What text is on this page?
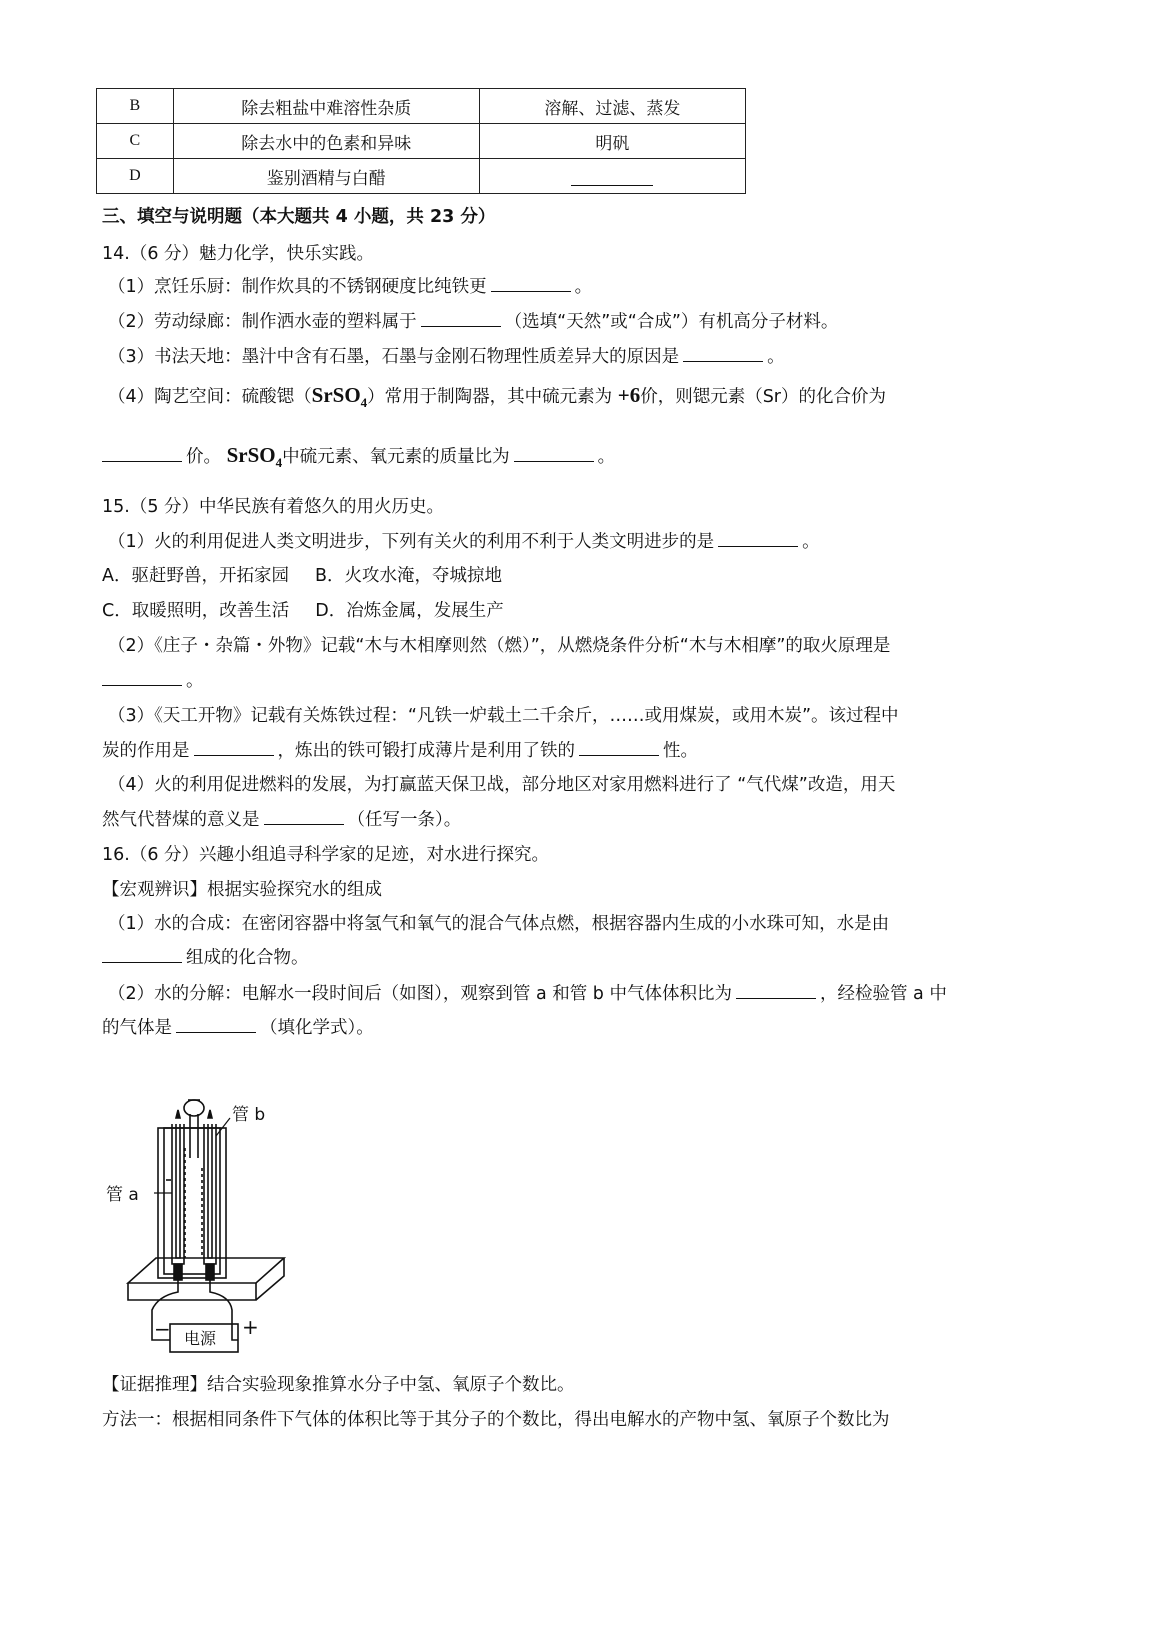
B	除去粗盐中难溶性杂质	溶解、过滤、蒸发
C	除去水中的色素和异味	明矾
D	鉴别酒精与白醋	
三、填空与说明题（本大题共 4 小题，共 23 分）
14.（6 分）魅力化学，快乐实践。
（1）烹饪乐厨：制作炊具的不锈钢硬度比纯铁更	。
（2）劳动绿廊：制作洒水壶的塑料属于	（选填“天然”或“合成”）有机高分子材料。
（3）书法天地：墨汁中含有石墨，石墨与金刚石物理性质差异大的原因是	。
（4）陶艺空间：硫酸锶（SrSO$_4$）常用于制陶器，其中硫元素为 +6价，则锶元素（Sr）的化合价为
价。 SrSO$_4$中硫元素、氧元素的质量比为	。
15.（5 分）中华民族有着悠久的用火历史。
（1）火的利用促进人类文明进步，下列有关火的利用不利于人类文明进步的是	。
A．驱赶野兽，开拓家园 B．火攻水淹，夺城掠地
C．取暖照明，改善生活 D．冶炼金属，发展生产
（2）《庄子・杂篇・外物》记载“木与木相摩则然（燃）”，从燃烧条件分析“木与木相摩”的取火原理是
。
（3）《天工开物》记载有关炼铁过程：“凡铁一炉载土二千余斤，……或用煤炭，或用木炭”。该过程中
炭的作用是	，炼出的铁可锻打成薄片是利用了铁的	性。
（4）火的利用促进燃料的发展，为打赢蓝天保卫战，部分地区对家用燃料进行了 “气代煤”改造，用天
然气代替煤的意义是	（任写一条）。
16.（6 分）兴趣小组追寻科学家的足迹，对水进行探究。
【宏观辨识】根据实验探究水的组成
（1）水的合成：在密闭容器中将氢气和氧气的混合气体点燃，根据容器内生成的小水珠可知，水是由
组成的化合物。
（2）水的分解：电解水一段时间后（如图），观察到管 a 和管 b 中气体体积比为	，经检验管 a 中
的气体是	（填化学式）。
管 a
管 b
电源
−	+
【证据推理】结合实验现象推算水分子中氢、氧原子个数比。
方法一：根据相同条件下气体的体积比等于其分子的个数比，得出电解水的产物中氢、氧原子个数比为
